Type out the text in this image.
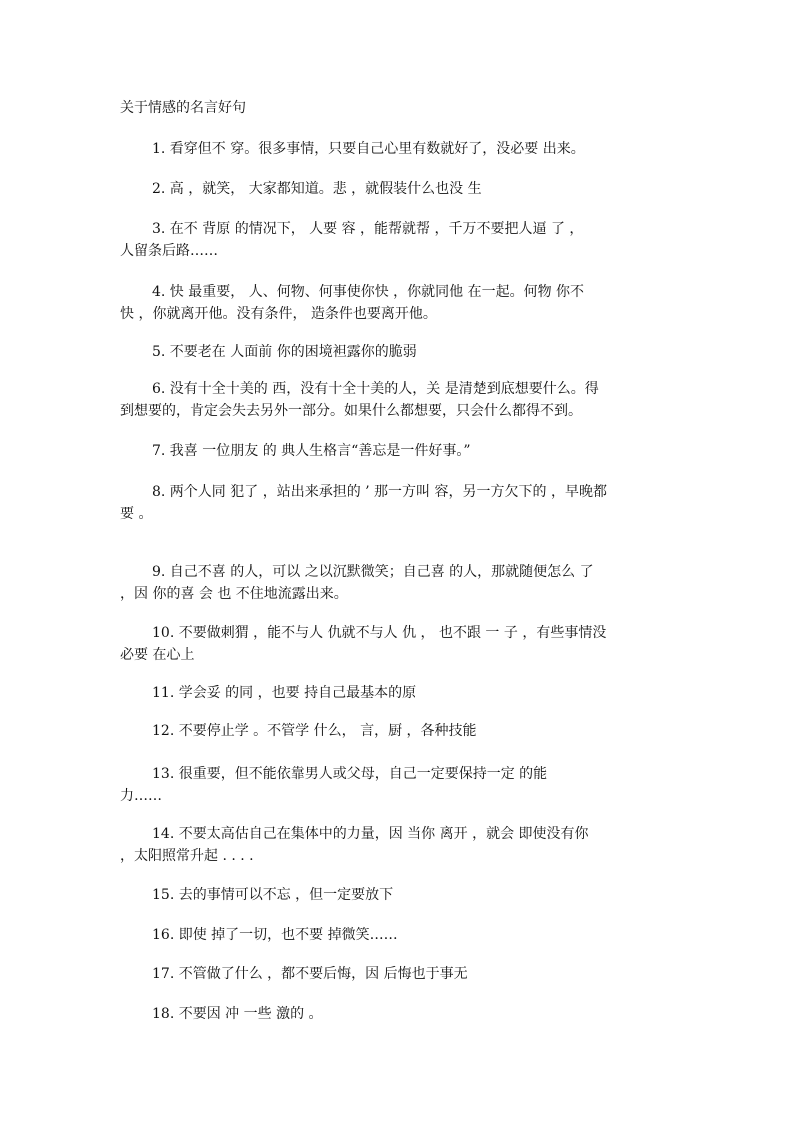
关于情感的名言好句
1. 看穿但不 穿。很多事情，只要自己心里有数就好了，没必要 出来。
2. 高 ，就笑， 大家都知道。悲 ，就假装什么也没 生
3. 在不 背原 的情况下， 人要 容 ，能帮就帮 ，千万不要把人逼 了 ，
人留条后路……
4. 快 最重要， 人、何物、何事使你快 ，你就同他 在一起。何物 你不
快 ，你就离开他。没有条件， 造条件也要离开他。
5. 不要老在 人面前 你的困境袒露你的脆弱
6. 没有十全十美的 西，没有十全十美的人，关 是清楚到底想要什么。得
到想要的，肯定会失去另外一部分。如果什么都想要，只会什么都得不到。
7. 我喜 一位朋友 的 典人生格言“善忘是一件好事。”
8. 两个人同 犯了 ，站出来承担的 ’ 那一方叫 容，另一方欠下的 ，早晚都
要 。
9. 自己不喜 的人，可以 之以沉默微笑；自己喜 的人，那就随便怎么 了
，因 你的喜 会 也 不住地流露出来。
10. 不要做刺猬 ，能不与人 仇就不与人 仇 ， 也不跟 一 子 ，有些事情没
必要 在心上
11. 学会妥 的同 ，也要 持自己最基本的原
12. 不要停止学 。不管学 什么， 言，厨 ，各种技能
13. 很重要，但不能依靠男人或父母，自己一定要保持一定 的能
力……
14. 不要太高估自己在集体中的力量，因 当你 离开 ，就会 即使没有你
，太阳照常升起 . . . .
15. 去的事情可以不忘 ，但一定要放下
16. 即使 掉了一切，也不要 掉微笑……
17. 不管做了什么 ，都不要后悔，因 后悔也于事无
18. 不要因 冲 一些 激的 。
